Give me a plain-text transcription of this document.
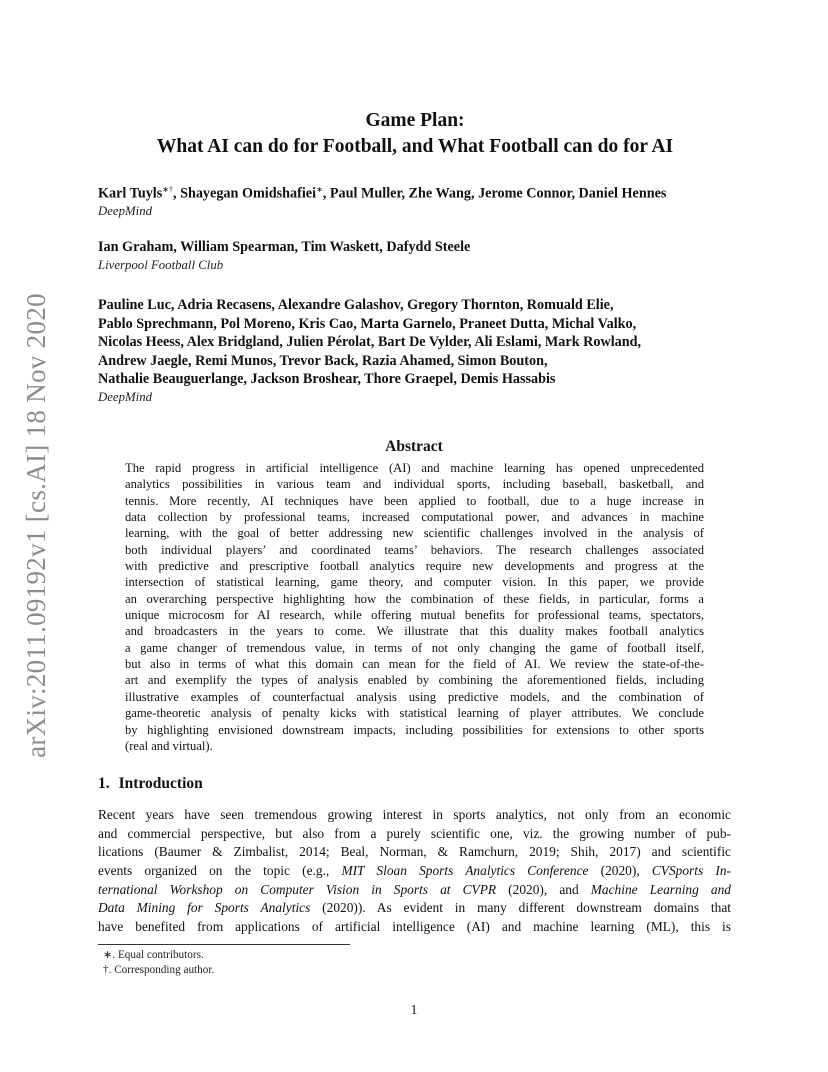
arXiv:2011.09192v1 [cs.AI] 18 Nov 2020
Game Plan:
What AI can do for Football, and What Football can do for AI
Karl Tuyls∗†, Shayegan Omidshafiei∗, Paul Muller, Zhe Wang, Jerome Connor, Daniel Hennes
DeepMind
Ian Graham, William Spearman, Tim Waskett, Dafydd Steele
Liverpool Football Club
Pauline Luc, Adria Recasens, Alexandre Galashov, Gregory Thornton, Romuald Elie,
Pablo Sprechmann, Pol Moreno, Kris Cao, Marta Garnelo, Praneet Dutta, Michal Valko,
Nicolas Heess, Alex Bridgland, Julien Pérolat, Bart De Vylder, Ali Eslami, Mark Rowland,
Andrew Jaegle, Remi Munos, Trevor Back, Razia Ahamed, Simon Bouton,
Nathalie Beauguerlange, Jackson Broshear, Thore Graepel, Demis Hassabis
DeepMind
Abstract
The rapid progress in artificial intelligence (AI) and machine learning has opened unprecedented
analytics possibilities in various team and individual sports, including baseball, basketball, and
tennis. More recently, AI techniques have been applied to football, due to a huge increase in
data collection by professional teams, increased computational power, and advances in machine
learning, with the goal of better addressing new scientific challenges involved in the analysis of
both individual players’ and coordinated teams’ behaviors. The research challenges associated
with predictive and prescriptive football analytics require new developments and progress at the
intersection of statistical learning, game theory, and computer vision. In this paper, we provide
an overarching perspective highlighting how the combination of these fields, in particular, forms a
unique microcosm for AI research, while offering mutual benefits for professional teams, spectators,
and broadcasters in the years to come. We illustrate that this duality makes football analytics
a game changer of tremendous value, in terms of not only changing the game of football itself,
but also in terms of what this domain can mean for the field of AI. We review the state-of-the-
art and exemplify the types of analysis enabled by combining the aforementioned fields, including
illustrative examples of counterfactual analysis using predictive models, and the combination of
game-theoretic analysis of penalty kicks with statistical learning of player attributes. We conclude
by highlighting envisioned downstream impacts, including possibilities for extensions to other sports
(real and virtual).
1. Introduction
Recent years have seen tremendous growing interest in sports analytics, not only from an economic
and commercial perspective, but also from a purely scientific one, viz. the growing number of pub-
lications (Baumer & Zimbalist, 2014; Beal, Norman, & Ramchurn, 2019; Shih, 2017) and scientific
events organized on the topic (e.g., MIT Sloan Sports Analytics Conference (2020), CVSports In-
ternational Workshop on Computer Vision in Sports at CVPR (2020), and Machine Learning and
Data Mining for Sports Analytics (2020)). As evident in many different downstream domains that
have benefited from applications of artificial intelligence (AI) and machine learning (ML), this is
∗. Equal contributors.
†. Corresponding author.
1
